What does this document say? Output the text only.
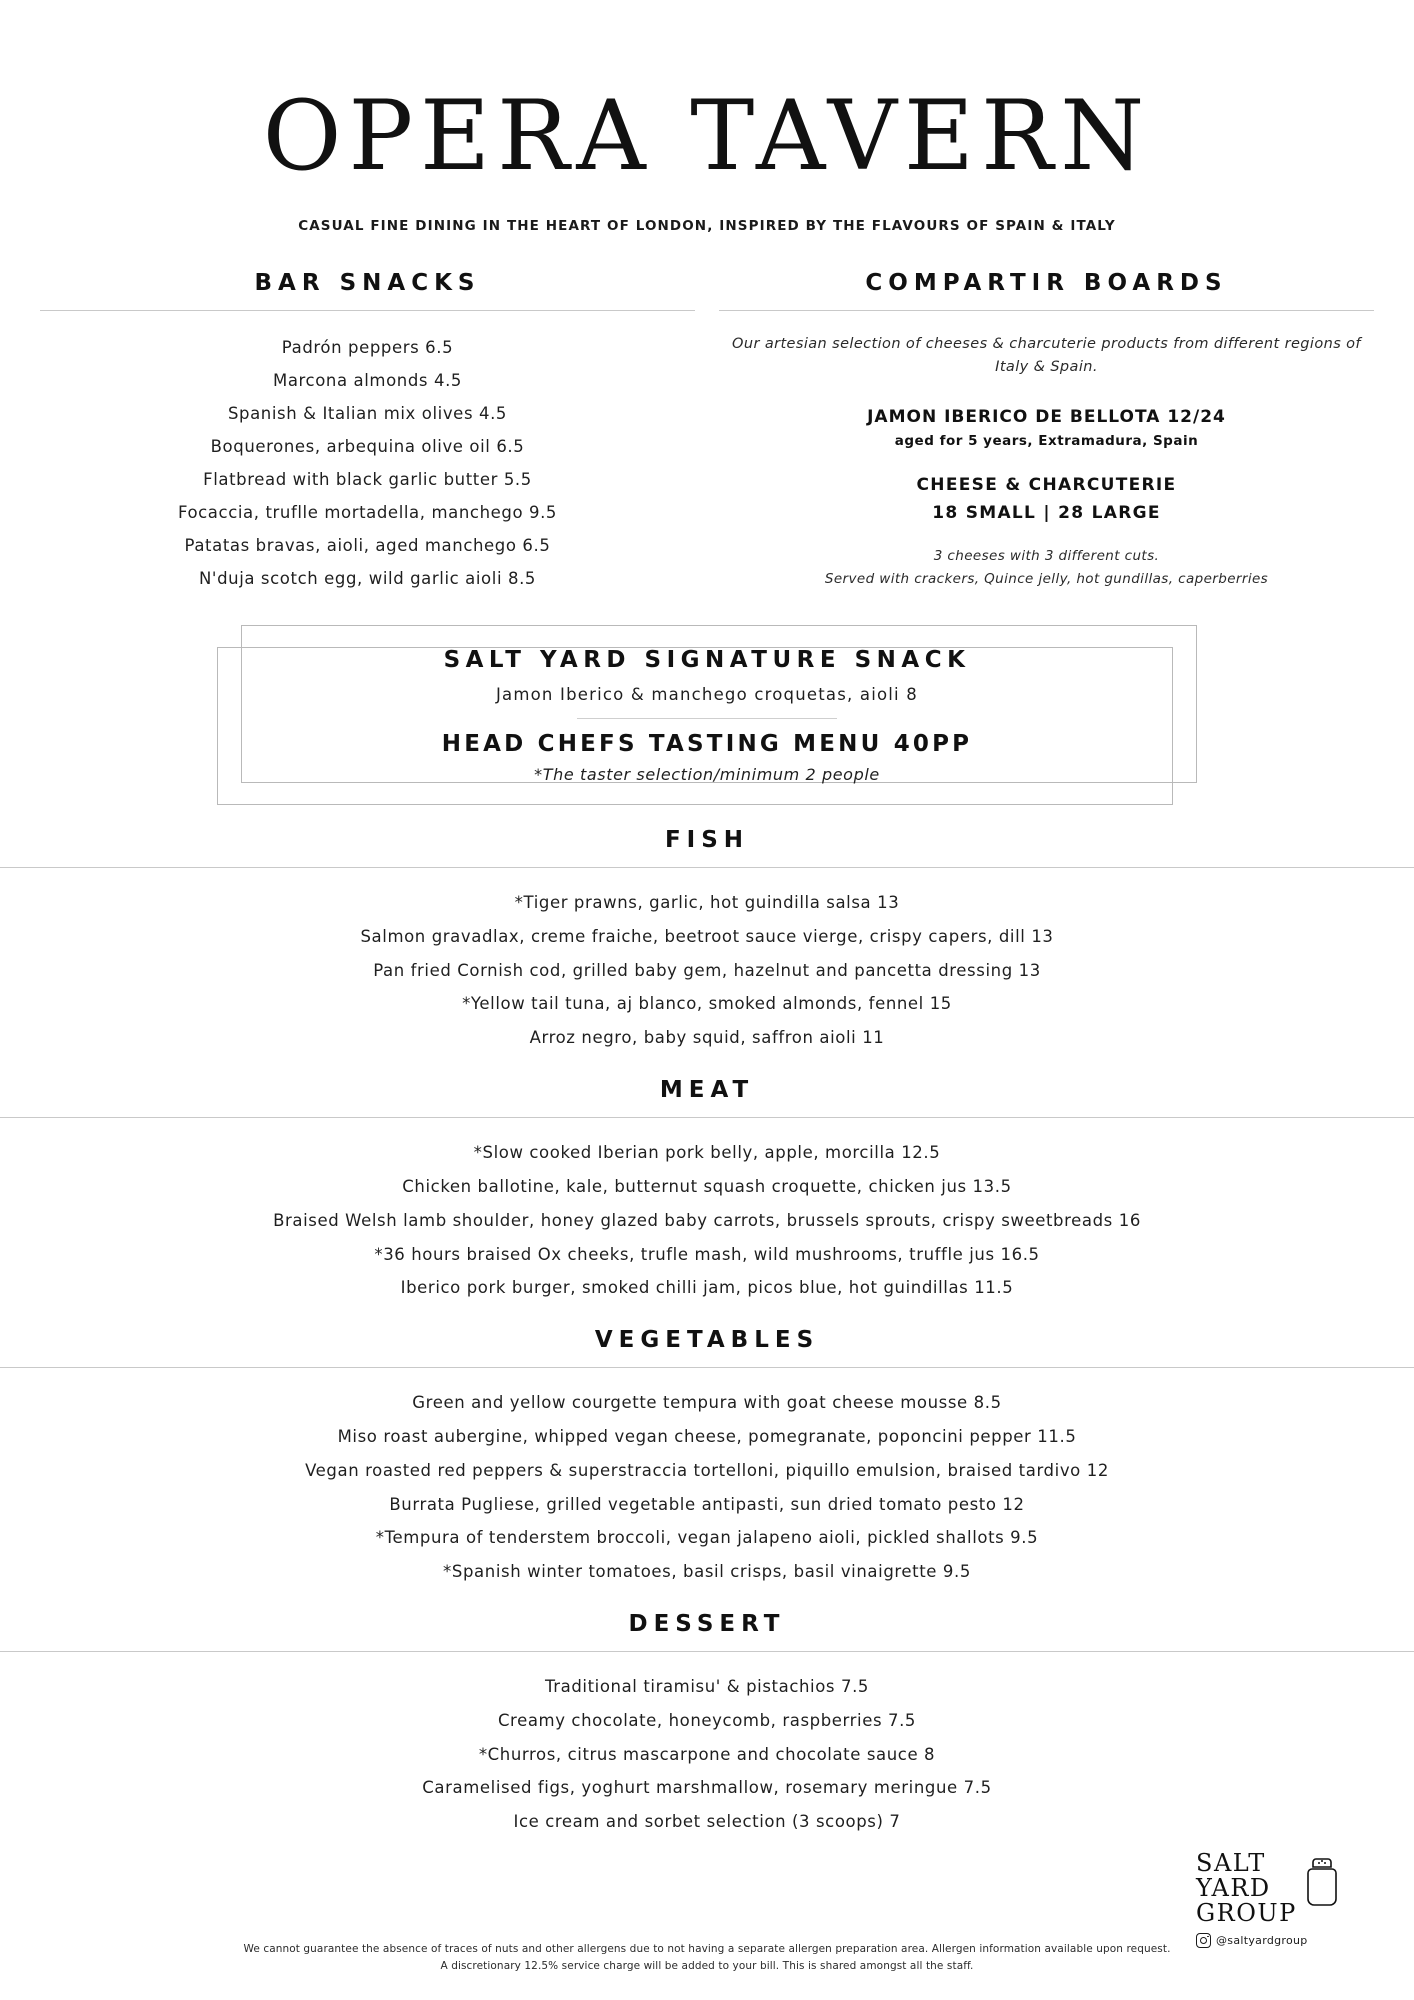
OPERA TAVERN
CASUAL FINE DINING IN THE HEART OF LONDON, INSPIRED BY THE FLAVOURS OF SPAIN & ITALY
BAR SNACKS
Padrón peppers 6.5
Marcona almonds 4.5
Spanish & Italian mix olives 4.5
Boquerones, arbequina olive oil 6.5
Flatbread with black garlic butter 5.5
Focaccia, truflle mortadella, manchego 9.5
Patatas bravas, aioli, aged manchego 6.5
N'duja scotch egg, wild garlic aioli 8.5
COMPARTIR BOARDS
Our artesian selection of cheeses & charcuterie products from different regions of Italy & Spain.
JAMON IBERICO DE BELLOTA 12/24
aged for 5 years, Extramadura, Spain
CHEESE & CHARCUTERIE
18 SMALL | 28 LARGE
3 cheeses with 3 different cuts.
Served with crackers, Quince jelly, hot gundillas, caperberries
SALT YARD SIGNATURE SNACK
Jamon Iberico & manchego croquetas, aioli 8
HEAD CHEFS TASTING MENU 40PP
*The taster selection/minimum 2 people
FISH
*Tiger prawns, garlic, hot guindilla salsa 13
Salmon gravadlax, creme fraiche, beetroot sauce vierge, crispy capers, dill 13
Pan fried Cornish cod, grilled baby gem, hazelnut and pancetta dressing 13
*Yellow tail tuna, aj blanco, smoked almonds, fennel 15
Arroz negro, baby squid, saffron aioli 11
MEAT
*Slow cooked Iberian pork belly, apple, morcilla 12.5
Chicken ballotine, kale, butternut squash croquette, chicken jus 13.5
Braised Welsh lamb shoulder, honey glazed baby carrots, brussels sprouts, crispy sweetbreads 16
*36 hours braised Ox cheeks, trufle mash, wild mushrooms, truffle jus 16.5
Iberico pork burger, smoked chilli jam, picos blue, hot guindillas 11.5
VEGETABLES
Green and yellow courgette tempura with goat cheese mousse 8.5
Miso roast aubergine, whipped vegan cheese, pomegranate, poponcini pepper 11.5
Vegan roasted red peppers & superstraccia tortelloni, piquillo emulsion, braised tardivo 12
Burrata Pugliese, grilled vegetable antipasti, sun dried tomato pesto 12
*Tempura of tenderstem broccoli, vegan jalapeno aioli, pickled shallots 9.5
*Spanish winter tomatoes, basil crisps, basil vinaigrette 9.5
DESSERT
Traditional tiramisu' & pistachios 7.5
Creamy chocolate, honeycomb, raspberries 7.5
*Churros, citrus mascarpone and chocolate sauce 8
Caramelised figs, yoghurt marshmallow, rosemary meringue 7.5
Ice cream and sorbet selection (3 scoops) 7
We cannot guarantee the absence of traces of nuts and other allergens due to not having a separate allergen preparation area. Allergen information available upon request.
A discretionary 12.5% service charge will be added to your bill. This is shared amongst all the staff.
SALT
YARD
GROUP
@saltyardgroup
